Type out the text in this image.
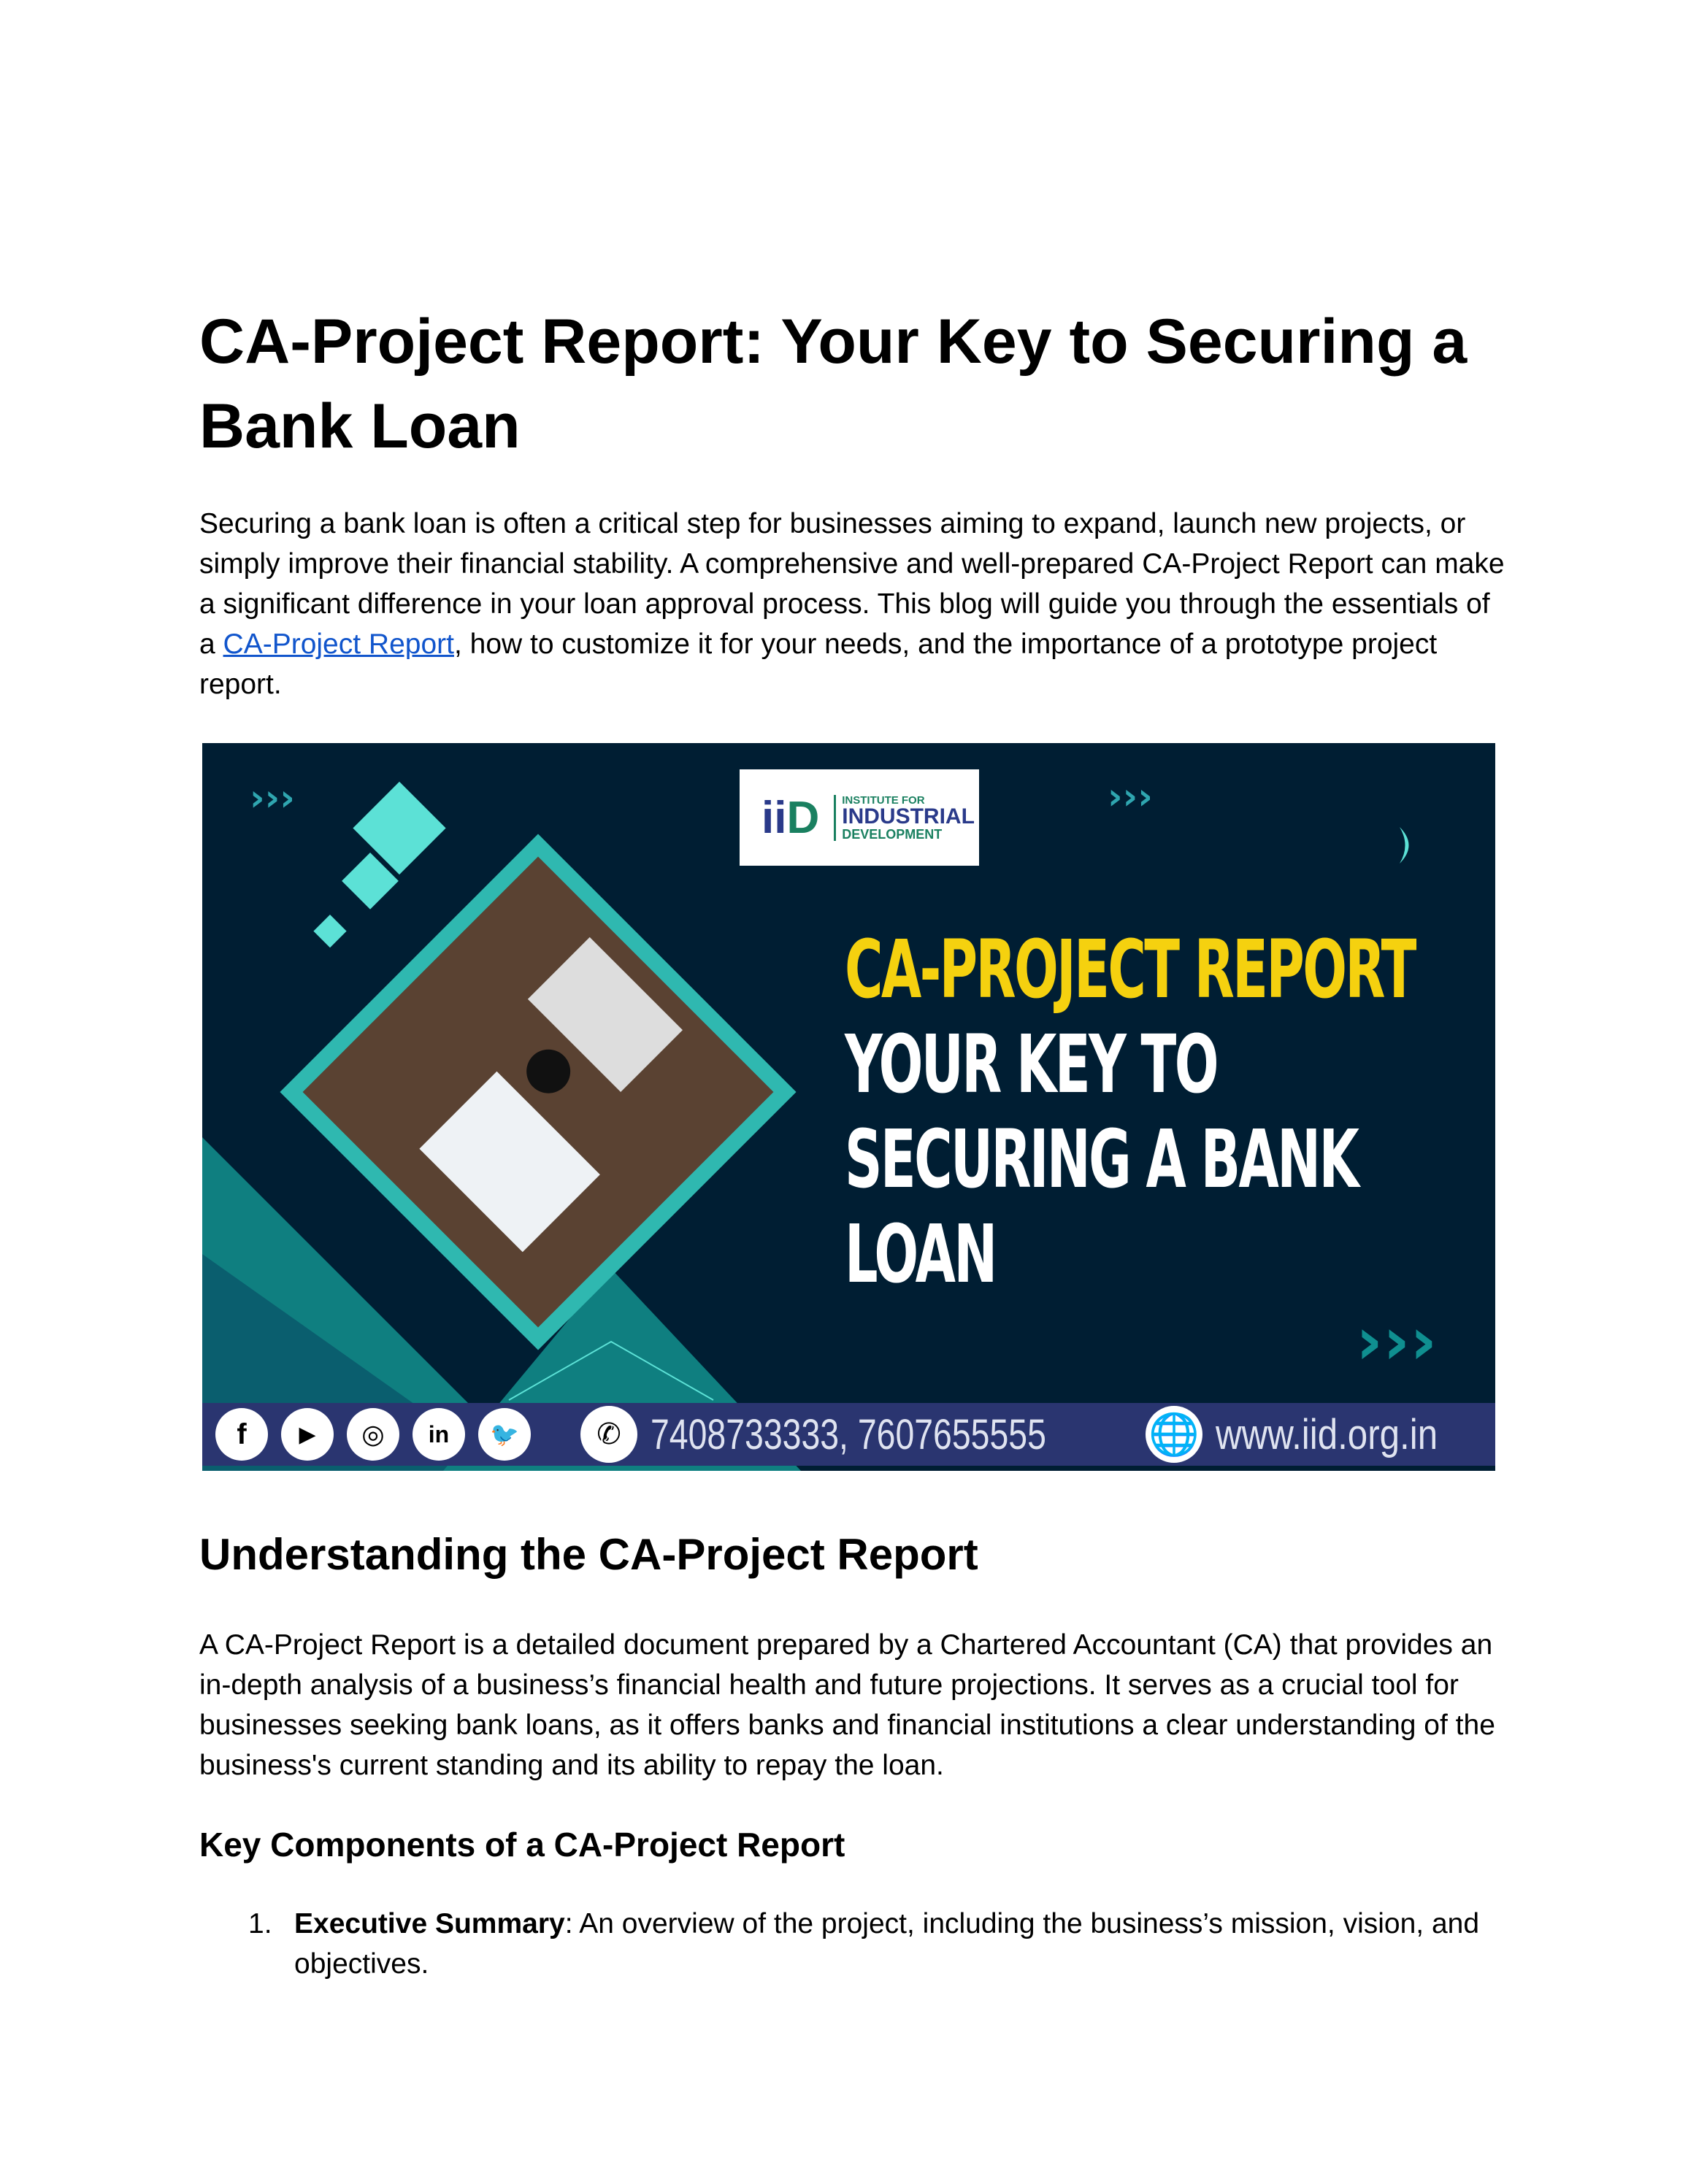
CA-Project Report: Your Key to Securing a Bank Loan

Securing a bank loan is often a critical step for businesses aiming to expand, launch new projects, or simply improve their financial stability. A comprehensive and well-prepared CA-Project Report can make a significant difference in your loan approval process. This blog will guide you through the essentials of a CA-Project Report, how to customize it for your needs, and the importance of a prototype project report.

›››	›››
›››
iiD INSTITUTE FOR
INDUSTRIAL
DEVELOPMENT
CA-PROJECT REPORT
YOUR KEY TO
SECURING A BANK
LOAN
f	▶	◎	in	🐦	✆ 7408733333, 7607655555	🌐 www.iid.org.in
Understanding the CA-Project Report

A CA-Project Report is a detailed document prepared by a Chartered Accountant (CA) that provides an in-depth analysis of a business’s financial health and future projections. It serves as a crucial tool for businesses seeking bank loans, as it offers banks and financial institutions a clear understanding of the business's current standing and its ability to repay the loan.

Key Components of a CA-Project Report
1. Executive Summary: An overview of the project, including the business’s mission, vision, and objectives.
